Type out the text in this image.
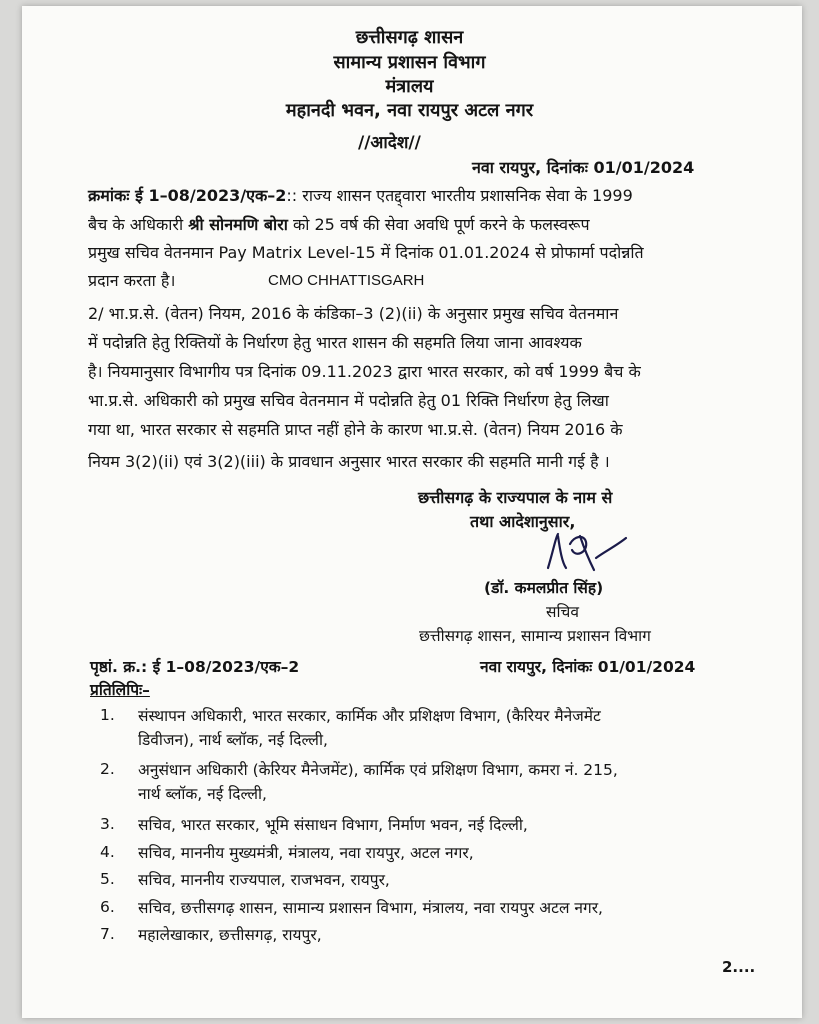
छत्तीसगढ़ शासन
सामान्य प्रशासन विभाग
मंत्रालय
महानदी भवन, नवा रायपुर अटल नगर
//आदेश//
नवा रायपुर, दिनांकः 01/01/2024
क्रमांकः ई 1–08/2023/एक–2:: राज्य शासन एतद्द्वारा भारतीय प्रशासनिक सेवा के 1999
बैच के अधिकारी श्री सोनमणि बोरा को 25 वर्ष की सेवा अवधि पूर्ण करने के फलस्वरूप
प्रमुख सचिव वेतनमान Pay Matrix Level-15 में दिनांक 01.01.2024 से प्रोफार्मा पदोन्नति
प्रदान करता है।	CMO CHHATTISGARH
2/ भा.प्र.से. (वेतन) नियम, 2016 के कंडिका–3 (2)(ii) के अनुसार प्रमुख सचिव वेतनमान
में पदोन्नति हेतु रिक्तियों के निर्धारण हेतु भारत शासन की सहमति लिया जाना आवश्यक
है। नियमानुसार विभागीय पत्र दिनांक 09.11.2023 द्वारा भारत सरकार, को वर्ष 1999 बैच के
भा.प्र.से. अधिकारी को प्रमुख सचिव वेतनमान में पदोन्नति हेतु 01 रिक्ति निर्धारण हेतु लिखा
गया था, भारत सरकार से सहमति प्राप्त नहीं होने के कारण भा.प्र.से. (वेतन) नियम 2016 के
नियम 3(2)(ii) एवं 3(2)(iii) के प्रावधान अनुसार भारत सरकार की सहमति मानी गई है ।
छत्तीसगढ़ के राज्यपाल के नाम से
तथा आदेशानुसार,
(डॉ. कमलप्रीत सिंह)
सचिव
छत्तीसगढ़ शासन, सामान्य प्रशासन विभाग
पृष्ठां. क्र.: ई 1–08/2023/एक–2	नवा रायपुर, दिनांकः 01/01/2024
प्रतिलिपिः–
1. संस्थापन अधिकारी, भारत सरकार, कार्मिक और प्रशिक्षण विभाग, (कैरियर मैनेजमेंट
डिवीजन), नार्थ ब्लॉक, नई दिल्ली,
2. अनुसंधान अधिकारी (केरियर मैनेजमेंट), कार्मिक एवं प्रशिक्षण विभाग, कमरा नं. 215,
नार्थ ब्लॉक, नई दिल्ली,
3. सचिव, भारत सरकार, भूमि संसाधन विभाग, निर्माण भवन, नई दिल्ली,
4. सचिव, माननीय मुख्यमंत्री, मंत्रालय, नवा रायपुर, अटल नगर,
5. सचिव, माननीय राज्यपाल, राजभवन, रायपुर,
6. सचिव, छत्तीसगढ़ शासन, सामान्य प्रशासन विभाग, मंत्रालय, नवा रायपुर अटल नगर,
7. महालेखाकार, छत्तीसगढ़, रायपुर,
2....
